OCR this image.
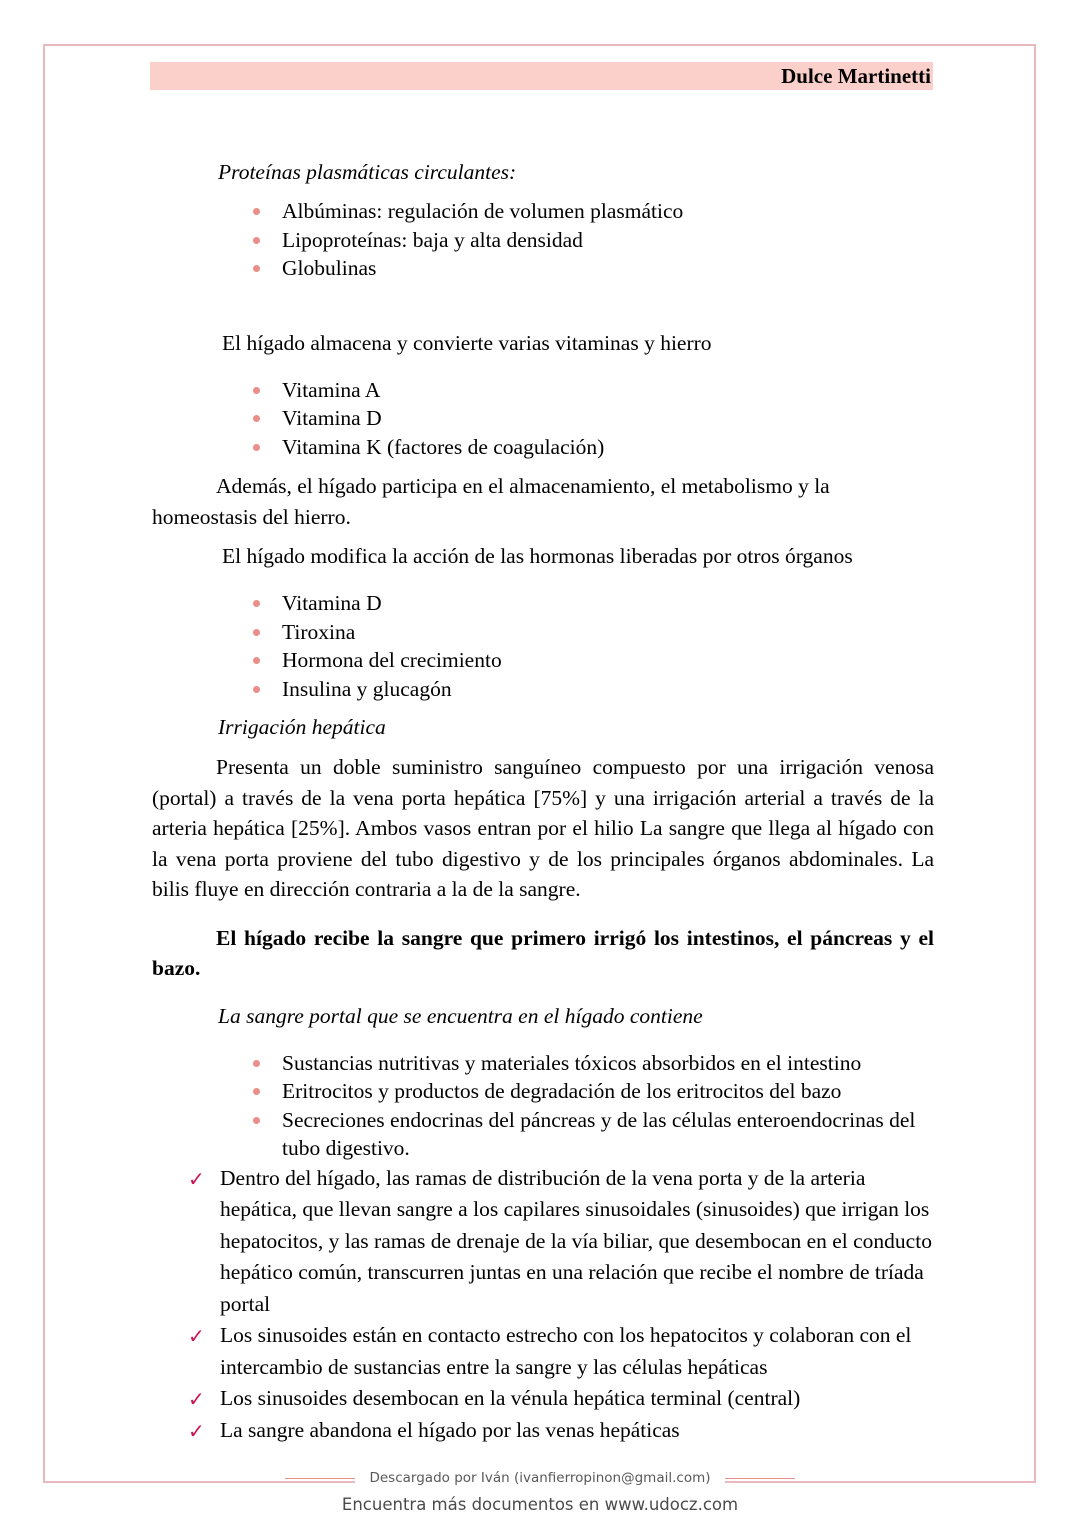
Dulce Martinetti

Proteínas plasmáticas circulantes:

Albúminas: regulación de volumen plasmático
Lipoproteínas: baja y alta densidad
Globulinas

El hígado almacena y convierte varias vitaminas y hierro

Vitamina A
Vitamina D
Vitamina K (factores de coagulación)

Además, el hígado participa en el almacenamiento, el metabolismo y la homeostasis del hierro.

El hígado modifica la acción de las hormonas liberadas por otros órganos

Vitamina D
Tiroxina
Hormona del crecimiento
Insulina y glucagón

Irrigación hepática

Presenta un doble suministro sanguíneo compuesto por una irrigación venosa (portal) a través de la vena porta hepática [75%] y una irrigación arterial a través de la arteria hepática [25%]. Ambos vasos entran por el hilio La sangre que llega al hígado con la vena porta proviene del tubo digestivo y de los principales órganos abdominales. La bilis fluye en dirección contraria a la de la sangre.

El hígado recibe la sangre que primero irrigó los intestinos, el páncreas y el bazo.

La sangre portal que se encuentra en el hígado contiene

Sustancias nutritivas y materiales tóxicos absorbidos en el intestino
Eritrocitos y productos de degradación de los eritrocitos del bazo
Secreciones endocrinas del páncreas y de las células enteroendocrinas del tubo digestivo.
✓ Dentro del hígado, las ramas de distribución de la vena porta y de la arteria hepática, que llevan sangre a los capilares sinusoidales (sinusoides) que irrigan los hepatocitos, y las ramas de drenaje de la vía biliar, que desembocan en el conducto hepático común, transcurren juntas en una relación que recibe el nombre de tríada portal
✓ Los sinusoides están en contacto estrecho con los hepatocitos y colaboran con el intercambio de sustancias entre la sangre y las células hepáticas
✓ Los sinusoides desembocan en la vénula hepática terminal (central)
✓ La sangre abandona el hígado por las venas hepáticas
Descargado por Iván (ivanfierropinon@gmail.com)
Encuentra más documentos en www.udocz.com
